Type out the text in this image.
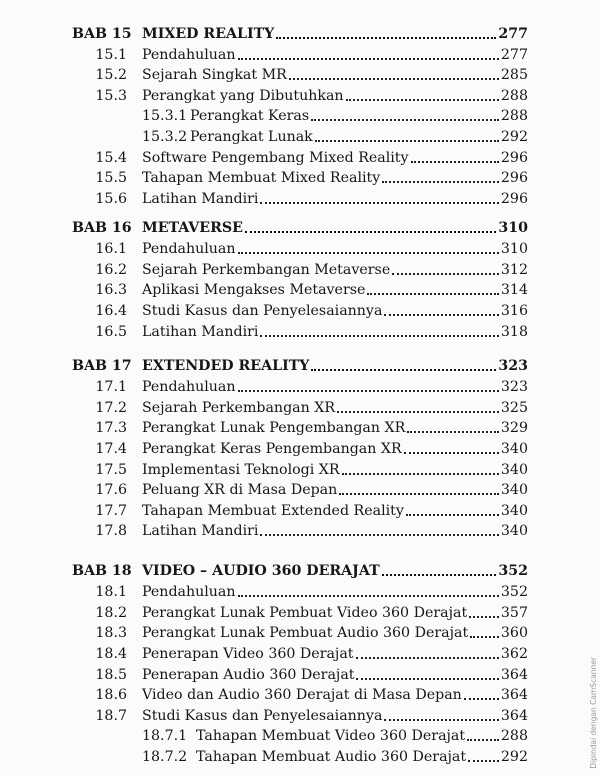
BAB 15 MIXED REALITY	277
15.1 Pendahuluan	277
15.2 Sejarah Singkat MR	285
15.3 Perangkat yang Dibutuhkan	288
15.3.1 Perangkat Keras	288
15.3.2 Perangkat Lunak	292
15.4 Software Pengembang Mixed Reality	296
15.5 Tahapan Membuat Mixed Reality	296
15.6 Latihan Mandiri	296
BAB 16 METAVERSE	310
16.1 Pendahuluan	310
16.2 Sejarah Perkembangan Metaverse	312
16.3 Aplikasi Mengakses Metaverse	314
16.4 Studi Kasus dan Penyelesaiannya	316
16.5 Latihan Mandiri	318
BAB 17 EXTENDED REALITY	323
17.1 Pendahuluan	323
17.2 Sejarah Perkembangan XR	325
17.3 Perangkat Lunak Pengembangan XR	329
17.4 Perangkat Keras Pengembangan XR	340
17.5 Implementasi Teknologi XR	340
17.6 Peluang XR di Masa Depan	340
17.7 Tahapan Membuat Extended Reality	340
17.8 Latihan Mandiri	340
BAB 18 VIDEO – AUDIO 360 DERAJAT	352
18.1 Pendahuluan	352
18.2 Perangkat Lunak Pembuat Video 360 Derajat 357
18.3 Perangkat Lunak Pembuat Audio 360 Derajat 360
18.4 Penerapan Video 360 Derajat	362
18.5 Penerapan Audio 360 Derajat	364
18.6 Video dan Audio 360 Derajat di Masa Depan	364
18.7 Studi Kasus dan Penyelesaiannya	364
18.7.1 Tahapan Membuat Video 360 Derajat	288
18.7.2 Tahapan Membuat Audio 360 Derajat 292	Dipindai dengan CamScanner
